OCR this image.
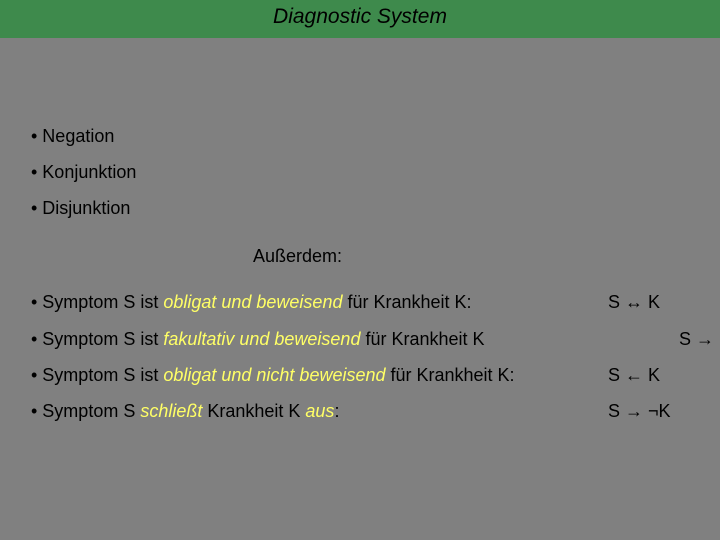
Diagnostic System
• Negation
• Konjunktion
• Disjunktion
Außerdem:
• Symptom S ist obligat und beweisend für Krankheit K:	S ↔ K
• Symptom S ist fakultativ und beweisend für Krankheit K	S →
• Symptom S ist obligat und nicht beweisend für Krankheit K:	S ← K
• Symptom S schließt Krankheit K aus:	S → ¬K
